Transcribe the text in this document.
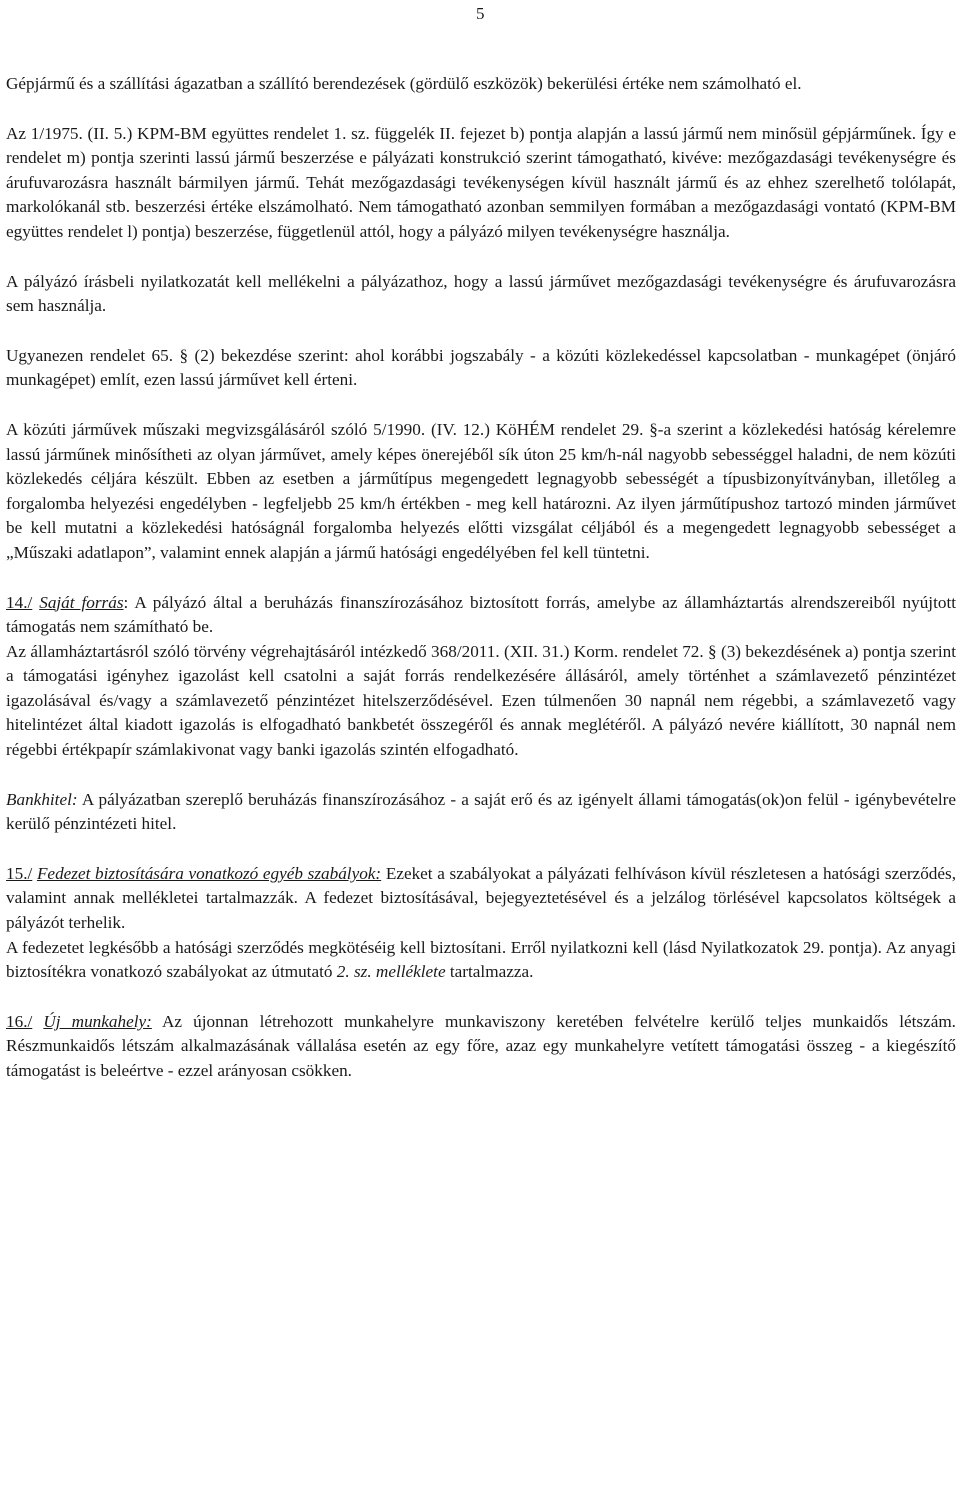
5

Gépjármű és a szállítási ágazatban a szállító berendezések (gördülő eszközök) bekerülési értéke nem számolható el.

Az 1/1975. (II. 5.) KPM-BM együttes rendelet 1. sz. függelék II. fejezet b) pontja alapján a lassú jármű nem minősül gépjárműnek. Így e rendelet m) pontja szerinti lassú jármű beszerzése e pályázati konstrukció szerint támogatható, kivéve: mezőgazdasági tevékenységre és árufuvarozásra használt bármilyen jármű. Tehát mezőgazdasági tevékenységen kívül használt jármű és az ehhez szerelhető tolólapát, markolókanál stb. beszerzési értéke elszámolható. Nem támogatható azonban semmilyen formában a mezőgazdasági vontató (KPM-BM együttes rendelet l) pontja) beszerzése, függetlenül attól, hogy a pályázó milyen tevékenységre használja.

A pályázó írásbeli nyilatkozatát kell mellékelni a pályázathoz, hogy a lassú járművet mezőgazdasági tevékenységre és árufuvarozásra sem használja.

Ugyanezen rendelet 65. § (2) bekezdése szerint: ahol korábbi jogszabály - a közúti közlekedéssel kapcsolatban - munkagépet (önjáró munkagépet) említ, ezen lassú járművet kell érteni.

A közúti járművek műszaki megvizsgálásáról szóló 5/1990. (IV. 12.) KöHÉM rendelet 29. §-a szerint a közlekedési hatóság kérelemre lassú járműnek minősítheti az olyan járművet, amely képes önerejéből sík úton 25 km/h-nál nagyobb sebességgel haladni, de nem közúti közlekedés céljára készült. Ebben az esetben a járműtípus megengedett legnagyobb sebességét a típusbizonyítványban, illetőleg a forgalomba helyezési engedélyben - legfeljebb 25 km/h értékben - meg kell határozni. Az ilyen járműtípushoz tartozó minden járművet be kell mutatni a közlekedési hatóságnál forgalomba helyezés előtti vizsgálat céljából és a megengedett legnagyobb sebességet a „Műszaki adatlapon”, valamint ennek alapján a jármű hatósági engedélyében fel kell tüntetni.

14./ Saját forrás: A pályázó által a beruházás finanszírozásához biztosított forrás, amelybe az államháztartás alrendszereiből nyújtott támogatás nem számítható be.

Az államháztartásról szóló törvény végrehajtásáról intézkedő 368/2011. (XII. 31.) Korm. rendelet 72. § (3) bekezdésének a) pontja szerint a támogatási igényhez igazolást kell csatolni a saját forrás rendelkezésére állásáról, amely történhet a számlavezető pénzintézet igazolásával és/vagy a számlavezető pénzintézet hitelszerződésével. Ezen túlmenően 30 napnál nem régebbi, a számlavezető vagy hitelintézet által kiadott igazolás is elfogadható bankbetét összegéről és annak meglétéről. A pályázó nevére kiállított, 30 napnál nem régebbi értékpapír számlakivonat vagy banki igazolás szintén elfogadható.

Bankhitel: A pályázatban szereplő beruházás finanszírozásához - a saját erő és az igényelt állami támogatás(ok)on felül - igénybevételre kerülő pénzintézeti hitel.

15./ Fedezet biztosítására vonatkozó egyéb szabályok: Ezeket a szabályokat a pályázati felhíváson kívül részletesen a hatósági szerződés, valamint annak mellékletei tartalmazzák. A fedezet biztosításával, bejegyeztetésével és a jelzálog törlésével kapcsolatos költségek a pályázót terhelik.

A fedezetet legkésőbb a hatósági szerződés megkötéséig kell biztosítani. Erről nyilatkozni kell (lásd Nyilatkozatok 29. pontja). Az anyagi biztosítékra vonatkozó szabályokat az útmutató 2. sz. melléklete tartalmazza.

16./ Új munkahely: Az újonnan létrehozott munkahelyre munkaviszony keretében felvételre kerülő teljes munkaidős létszám. Részmunkaidős létszám alkalmazásának vállalása esetén az egy főre, azaz egy munkahelyre vetített támogatási összeg - a kiegészítő támogatást is beleértve - ezzel arányosan csökken.
